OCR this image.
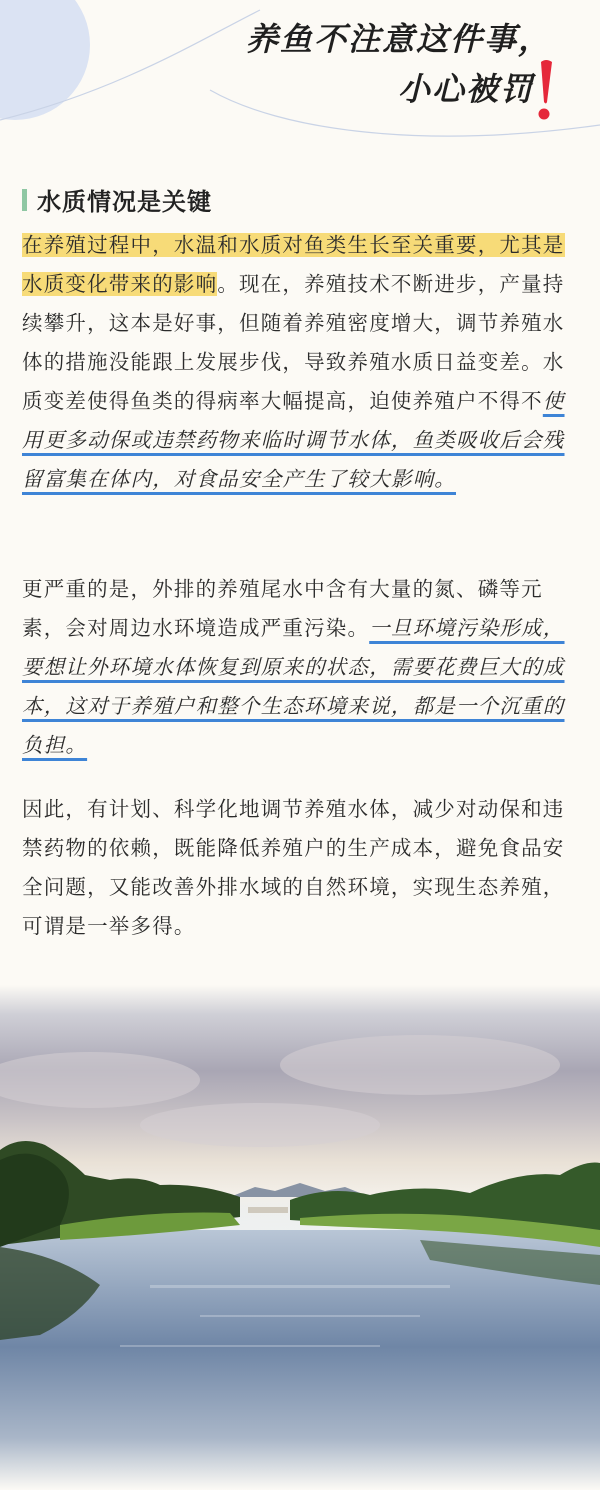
养鱼不注意这件事，
小心被罚
水质情况是关键

在养殖过程中，水温和水质对鱼类生长至关重要，尤其是水质变化带来的影响。现在，养殖技术不断进步，产量持续攀升，这本是好事，但随着养殖密度增大，调节养殖水体的措施没能跟上发展步伐，导致养殖水质日益变差。水质变差使得鱼类的得病率大幅提高，迫使养殖户不得不使用更多动保或违禁药物来临时调节水体，鱼类吸收后会残留富集在体内，对食品安全产生了较大影响。

更严重的是，外排的养殖尾水中含有大量的氮、磷等元素，会对周边水环境造成严重污染。一旦环境污染形成，要想让外环境水体恢复到原来的状态，需要花费巨大的成本，这对于养殖户和整个生态环境来说，都是一个沉重的负担。

因此，有计划、科学化地调节养殖水体，减少对动保和违禁药物的依赖，既能降低养殖户的生产成本，避免食品安全问题，又能改善外排水域的自然环境，实现生态养殖，可谓是一举多得。
